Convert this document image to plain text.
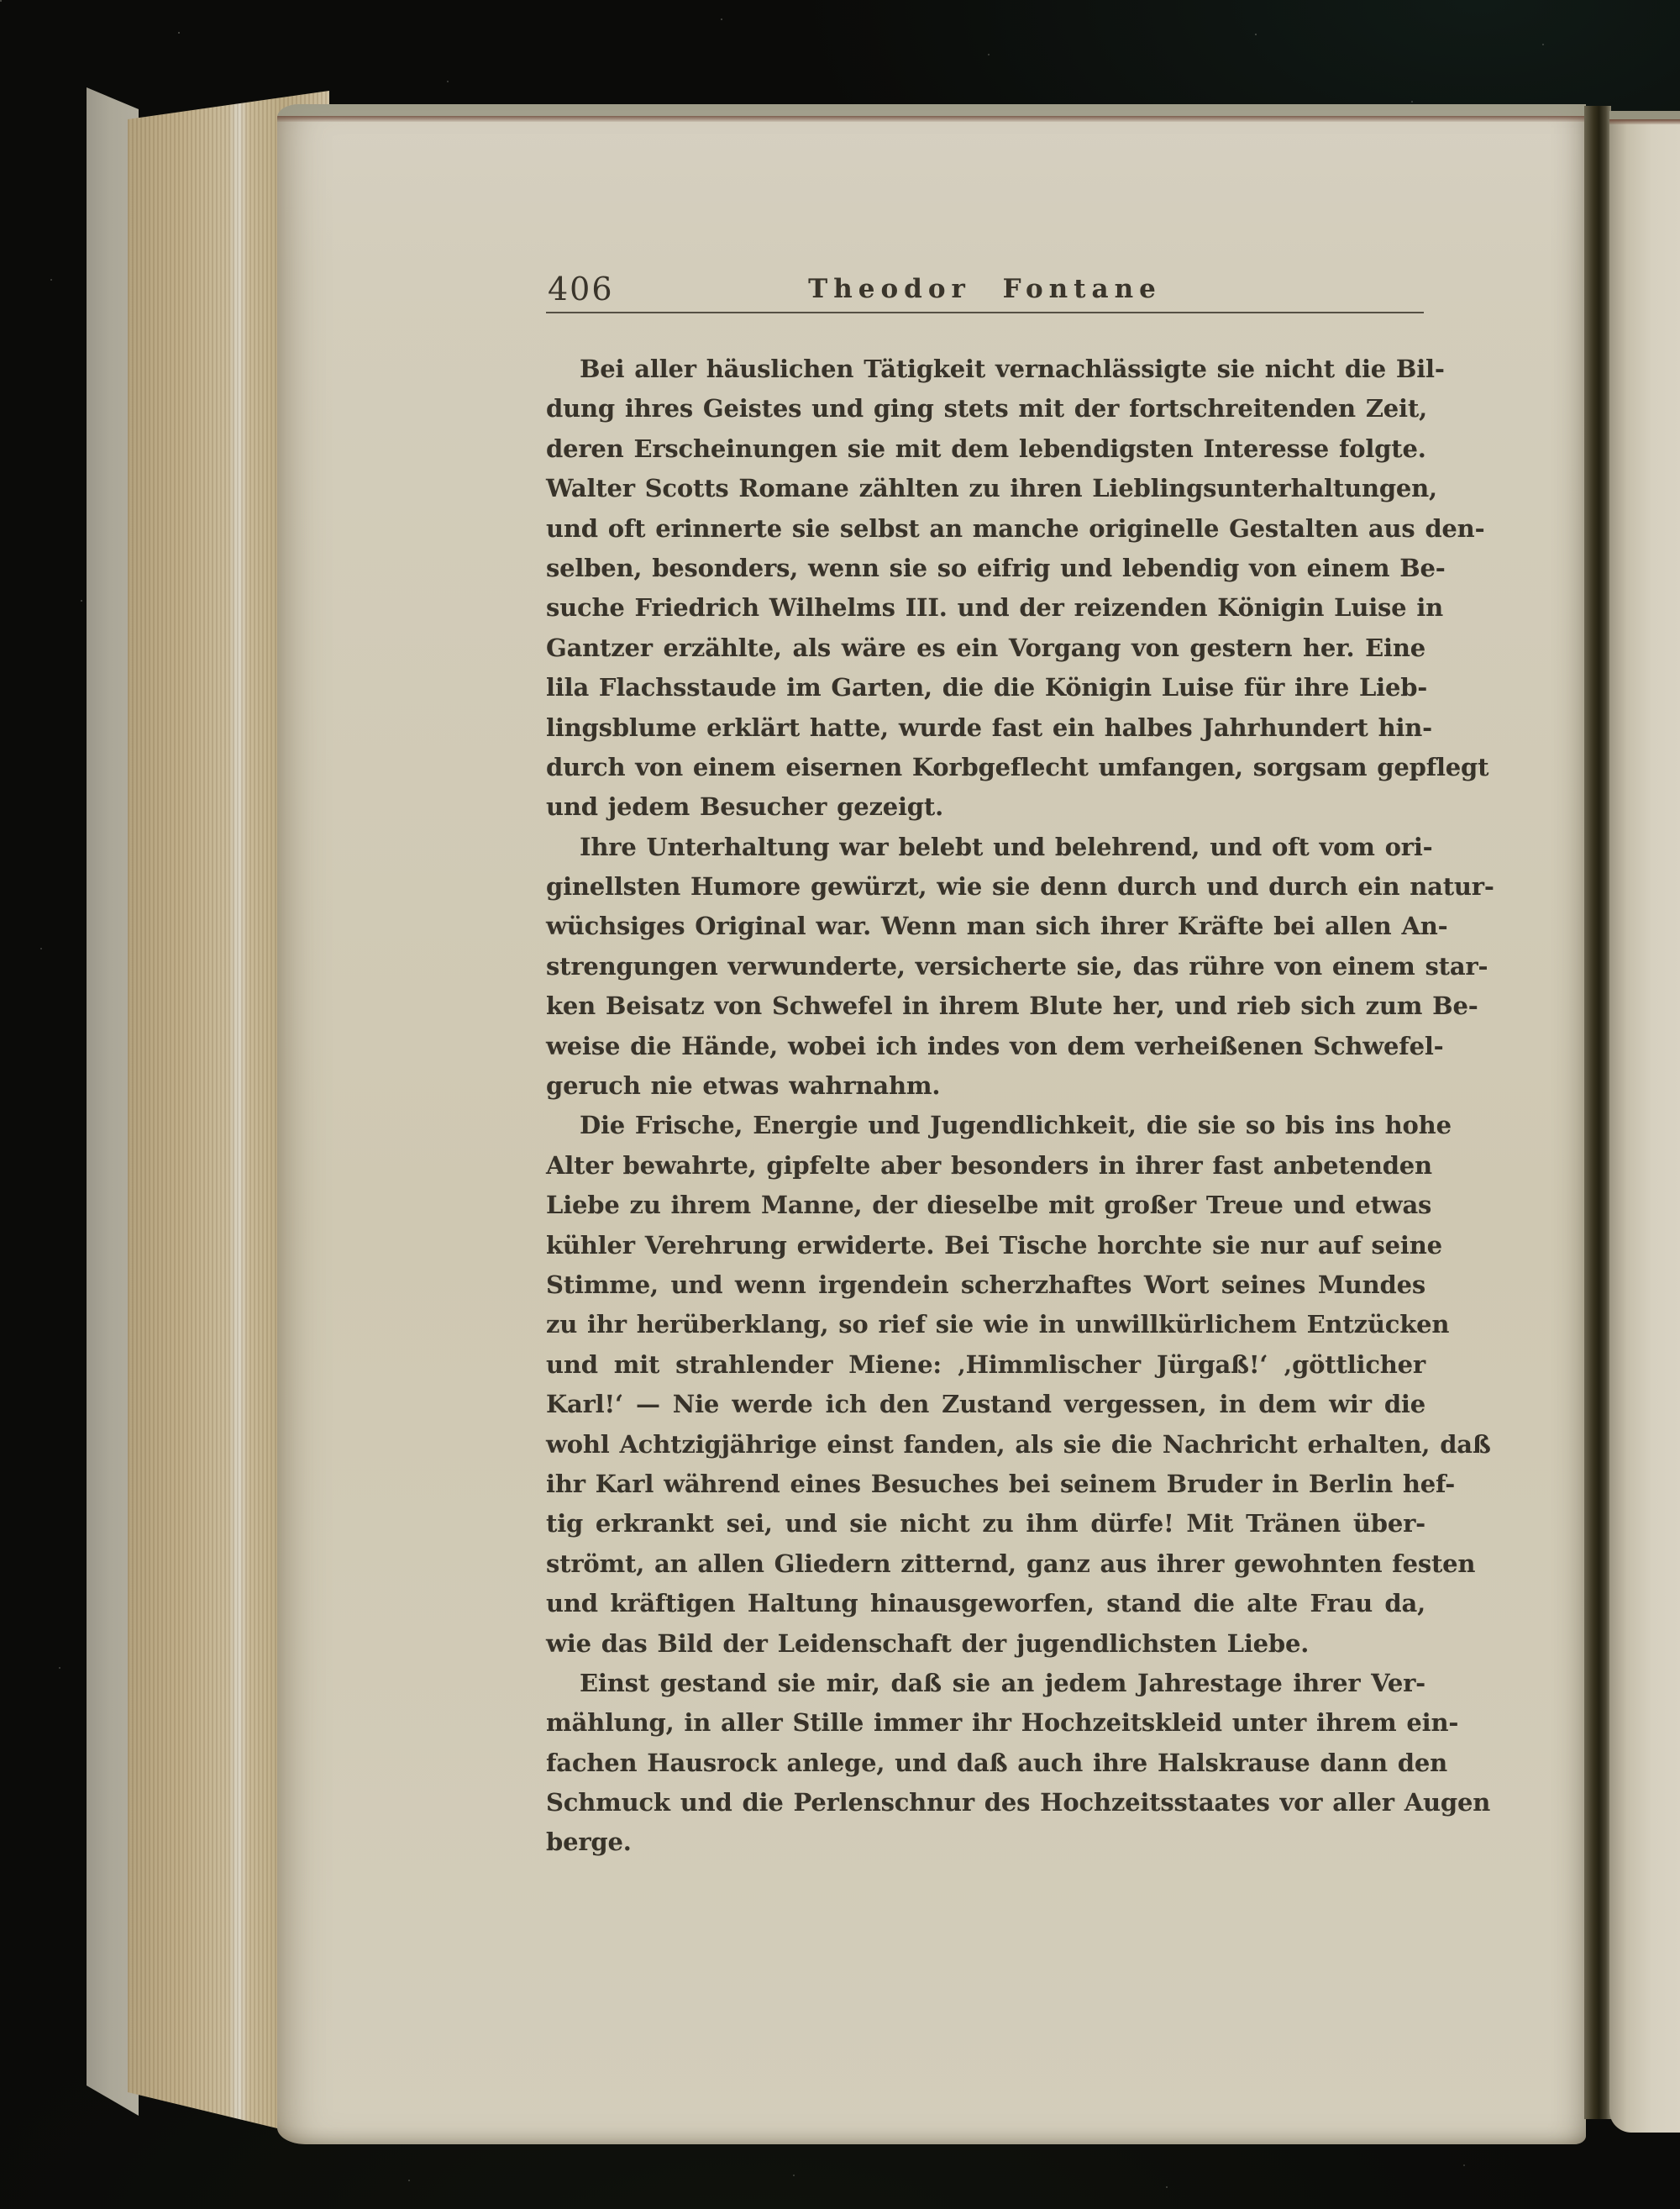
406	Theodor Fontane
Bei aller häuslichen Tätigkeit vernachlässigte sie nicht die Bil-
dung ihres Geistes und ging stets mit der fortschreitenden Zeit,
deren Erscheinungen sie mit dem lebendigsten Interesse folgte.
Walter Scotts Romane zählten zu ihren Lieblingsunterhaltungen,
und oft erinnerte sie selbst an manche originelle Gestalten aus den-
selben, besonders, wenn sie so eifrig und lebendig von einem Be-
suche Friedrich Wilhelms III. und der reizenden Königin Luise in
Gantzer erzählte, als wäre es ein Vorgang von gestern her. Eine
lila Flachsstaude im Garten, die die Königin Luise für ihre Lieb-
lingsblume erklärt hatte, wurde fast ein halbes Jahrhundert hin-
durch von einem eisernen Korbgeflecht umfangen, sorgsam gepflegt
und jedem Besucher gezeigt.
Ihre Unterhaltung war belebt und belehrend, und oft vom ori-
ginellsten Humore gewürzt, wie sie denn durch und durch ein natur-
wüchsiges Original war. Wenn man sich ihrer Kräfte bei allen An-
strengungen verwunderte, versicherte sie, das rühre von einem star-
ken Beisatz von Schwefel in ihrem Blute her, und rieb sich zum Be-
weise die Hände, wobei ich indes von dem verheißenen Schwefel-
geruch nie etwas wahrnahm.
Die Frische, Energie und Jugendlichkeit, die sie so bis ins hohe
Alter bewahrte, gipfelte aber besonders in ihrer fast anbetenden
Liebe zu ihrem Manne, der dieselbe mit großer Treue und etwas
kühler Verehrung erwiderte. Bei Tische horchte sie nur auf seine
Stimme, und wenn irgendein scherzhaftes Wort seines Mundes
zu ihr herüberklang, so rief sie wie in unwillkürlichem Entzücken
und mit strahlender Miene: ‚Himmlischer Jürgaß!‘ ‚göttlicher
Karl!‘ — Nie werde ich den Zustand vergessen, in dem wir die
wohl Achtzigjährige einst fanden, als sie die Nachricht erhalten, daß
ihr Karl während eines Besuches bei seinem Bruder in Berlin hef-
tig erkrankt sei, und sie nicht zu ihm dürfe! Mit Tränen über-
strömt, an allen Gliedern zitternd, ganz aus ihrer gewohnten festen
und kräftigen Haltung hinausgeworfen, stand die alte Frau da,
wie das Bild der Leidenschaft der jugendlichsten Liebe.
Einst gestand sie mir, daß sie an jedem Jahrestage ihrer Ver-
mählung, in aller Stille immer ihr Hochzeitskleid unter ihrem ein-
fachen Hausrock anlege, und daß auch ihre Halskrause dann den
Schmuck und die Perlenschnur des Hochzeitsstaates vor aller Augen
berge.
